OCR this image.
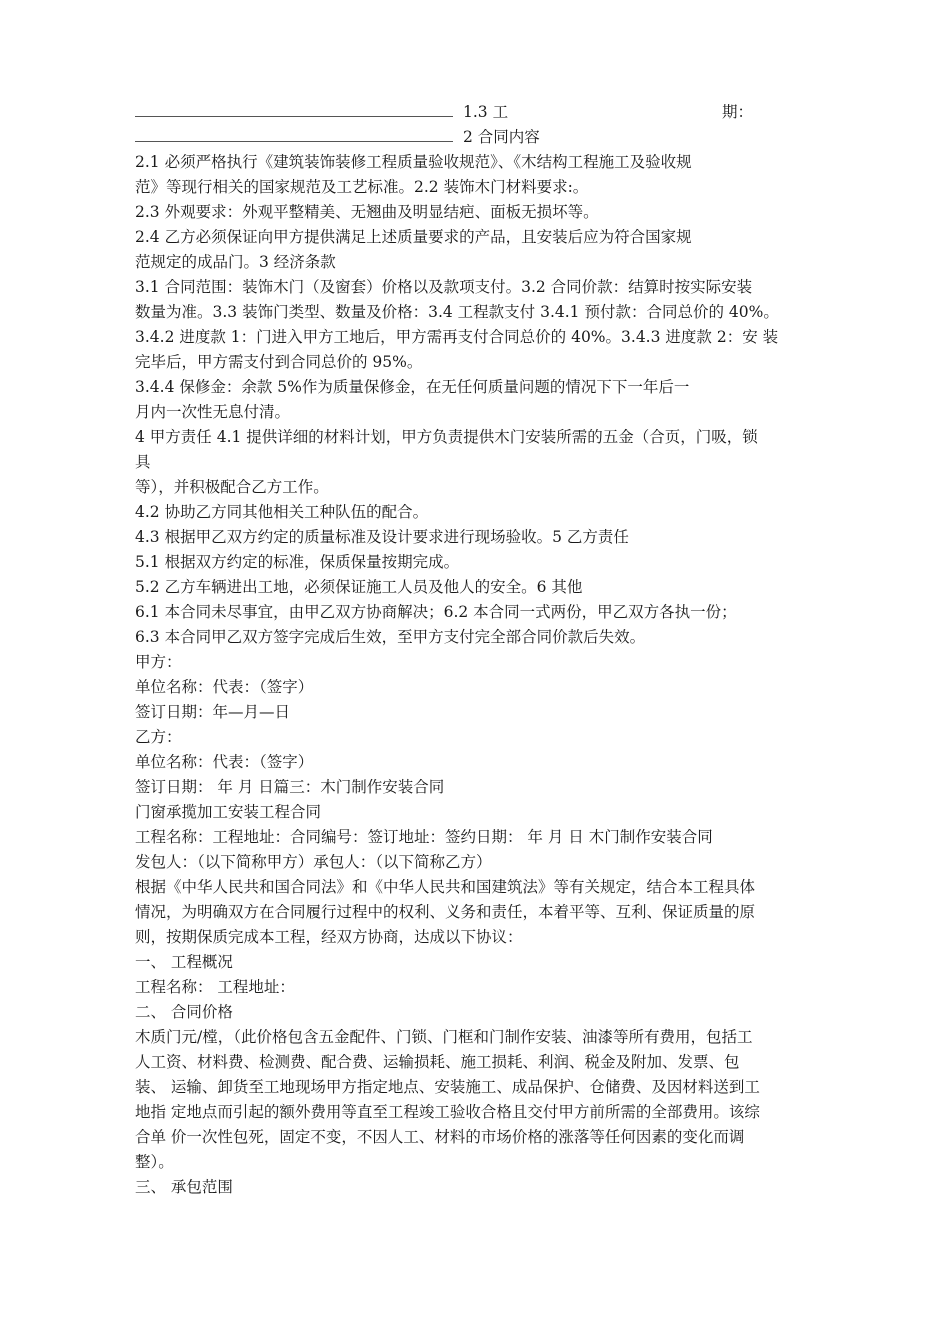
1.3 工	期：
2 合同内容
2.1 必须严格执行《建筑装饰装修工程质量验收规范》、《木结构工程施工及验收规
范》等现行相关的国家规范及工艺标准。2.2 装饰木门材料要求:。
2.3 外观要求：外观平整精美、无翘曲及明显结疤、面板无损坏等。
2.4 乙方必须保证向甲方提供满足上述质量要求的产品，且安装后应为符合国家规
范规定的成品门。3 经济条款
3.1 合同范围：装饰木门（及窗套）价格以及款项支付。3.2 合同价款：结算时按实际安装
数量为准。3.3 装饰门类型、数量及价格：3.4 工程款支付 3.4.1 预付款：合同总价的 40%。
3.4.2 进度款 1：门进入甲方工地后，甲方需再支付合同总价的 40%。3.4.3 进度款 2：安 装
完毕后，甲方需支付到合同总价的 95%。
3.4.4 保修金：余款 5%作为质量保修金，在无任何质量问题的情况下下一年后一
月内一次性无息付清。
4 甲方责任 4.1 提供详细的材料计划，甲方负责提供木门安装所需的五金（合页，门吸，锁
具
等），并积极配合乙方工作。
4.2 协助乙方同其他相关工种队伍的配合。
4.3 根据甲乙双方约定的质量标准及设计要求进行现场验收。5 乙方责任
5.1 根据双方约定的标准，保质保量按期完成。
5.2 乙方车辆进出工地，必须保证施工人员及他人的安全。6 其他
6.1 本合同未尽事宜，由甲乙双方协商解决；6.2 本合同一式两份，甲乙双方各执一份；
6.3 本合同甲乙双方签字完成后生效，至甲方支付完全部合同价款后失效。
甲方：
单位名称：代表：（签字）
签订日期：年—月—日
乙方：
单位名称：代表：（签字）
签订日期： 年 月 日篇三：木门制作安装合同
门窗承揽加工安装工程合同
工程名称：工程地址：合同编号：签订地址：签约日期： 年 月 日 木门制作安装合同
发包人：（以下简称甲方）承包人：（以下简称乙方）
根据《中华人民共和国合同法》和《中华人民共和国建筑法》等有关规定，结合本工程具体
情况，为明确双方在合同履行过程中的权利、义务和责任，本着平等、互利、保证质量的原
则，按期保质完成本工程，经双方协商，达成以下协议：
一、 工程概况
工程名称： 工程地址：
二、 合同价格
木质门元/樘，（此价格包含五金配件、门锁、门框和门制作安装、油漆等所有费用，包括工
人工资、材料费、检测费、配合费、运输损耗、施工损耗、利润、税金及附加、发票、包
装、 运输、卸货至工地现场甲方指定地点、安装施工、成品保护、仓储费、及因材料送到工
地指 定地点而引起的额外费用等直至工程竣工验收合格且交付甲方前所需的全部费用。该综
合单 价一次性包死，固定不变，不因人工、材料的市场价格的涨落等任何因素的变化而调
整）。
三、 承包范围
